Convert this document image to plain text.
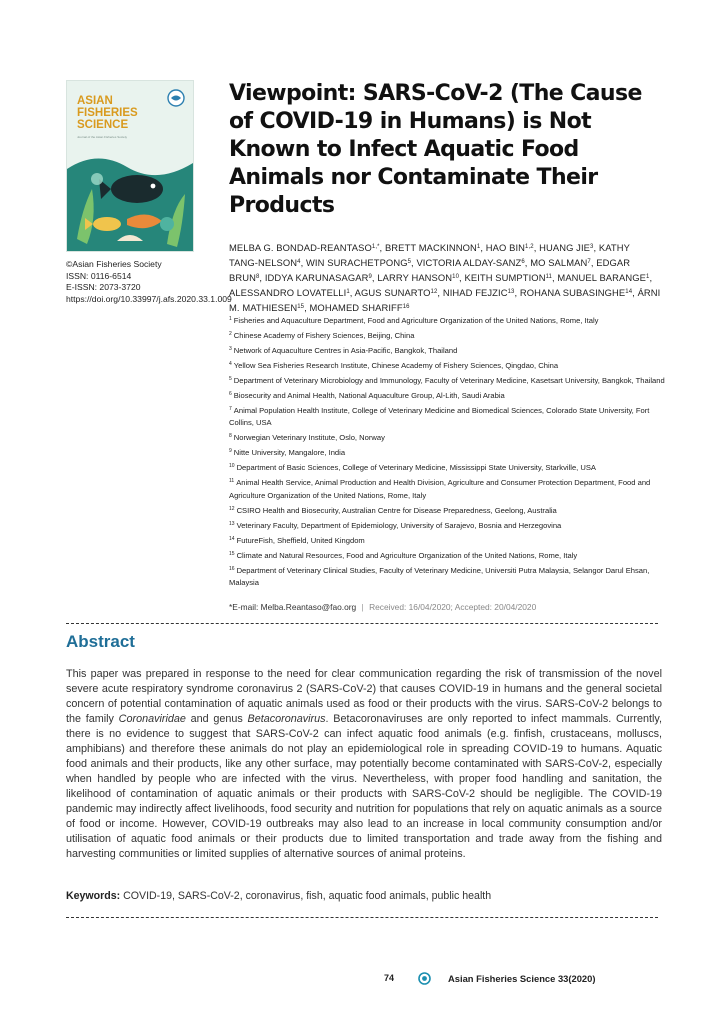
ASIAN
FISHERIES
SCIENCE
Journal of the Asian Fisheries Society
©Asian Fisheries Society
ISSN: 0116-6514
E-ISSN: 2073-3720
https://doi.org/10.33997/j.afs.2020.33.1.009
Viewpoint: SARS-CoV-2 (The Cause of COVID-19 in Humans) is Not Known to Infect Aquatic Food Animals nor Contaminate Their Products
MELBA G. BONDAD-$REANTASO^{1,*}$, BRETT MACKINNON$^1$, HAO BIN$^{1,2}$, HUANG JIE$^3$, KATHY TANG-NELSON$^4$, WIN SURACHETPONG$^5$, VICTORIA ALDAY-SANZ$^6$, MO SALMAN$^7$, EDGAR BRUN$^8$, IDDYA KARUNASAGAR$^9$, LARRY HANSON$^{10}$, KEITH SUMPTION$^{11}$, MANUEL BARANGE$^1$, ALESSANDRO LOVATELLI$^1$, AGUS SUNARTO$^{12}$, NIHAD FEJZIC$^{13}$, ROHANA SUBASINGHE$^{14}$, ÁRNI M. MATHIESEN$^{15}$, MOHAMED SHARIFF$^{16}$
$^1$ Fisheries and Aquaculture Department, Food and Agriculture Organization of the United Nations, Rome, Italy
$^2$ Chinese Academy of Fishery Sciences, Beijing, China
$^3$ Network of Aquaculture Centres in Asia-Pacific, Bangkok, Thailand
$^4$ Yellow Sea Fisheries Research Institute, Chinese Academy of Fishery Sciences, Qingdao, China
$^5$ Department of Veterinary Microbiology and Immunology, Faculty of Veterinary Medicine, Kasetsart University, Bangkok, Thailand
$^6$ Biosecurity and Animal Health, National Aquaculture Group, Al-Lith, Saudi Arabia
$^7$ Animal Population Health Institute, College of Veterinary Medicine and Biomedical Sciences, Colorado State University, Fort Collins, USA
$^8$ Norwegian Veterinary Institute, Oslo, Norway
$^9$ Nitte University, Mangalore, India
$^{10}$ Department of Basic Sciences, College of Veterinary Medicine, Mississippi State University, Starkville, USA
$^{11}$ Animal Health Service, Animal Production and Health Division, Agriculture and Consumer Protection Department, Food and Agriculture Organization of the United Nations, Rome, Italy
$^{12}$ CSIRO Health and Biosecurity, Australian Centre for Disease Preparedness, Geelong, Australia
$^{13}$ Veterinary Faculty, Department of Epidemiology, University of Sarajevo, Bosnia and Herzegovina
$^{14}$ FutureFish, Sheffield, United Kingdom
$^{15}$ Climate and Natural Resources, Food and Agriculture Organization of the United Nations, Rome, Italy
$^{16}$ Department of Veterinary Clinical Studies, Faculty of Veterinary Medicine, Universiti Putra Malaysia, Selangor Darul Ehsan, Malaysia
*E-mail: Melba.Reantaso@fao.org | Received: 16/04/2020; Accepted: 20/04/2020
Abstract

This paper was prepared in response to the need for clear communication regarding the risk of transmission of the novel severe acute respiratory syndrome coronavirus 2 (SARS-CoV-2) that causes COVID-19 in humans and the general societal concern of potential contamination of aquatic animals used as food or their products with the virus. SARS-CoV-2 belongs to the family Coronaviridae and genus Betacoronavirus. Betacoronaviruses are only reported to infect mammals. Currently, there is no evidence to suggest that SARS-CoV-2 can infect aquatic food animals (e.g. finfish, crustaceans, molluscs, amphibians) and therefore these animals do not play an epidemiological role in spreading COVID-19 to humans. Aquatic food animals and their products, like any other surface, may potentially become contaminated with SARS-CoV-2, especially when handled by people who are infected with the virus. Nevertheless, with proper food handling and sanitation, the likelihood of contamination of aquatic animals or their products with SARS-CoV-2 should be negligible. The COVID-19 pandemic may indirectly affect livelihoods, food security and nutrition for populations that rely on aquatic animals as a source of food or income. However, COVID-19 outbreaks may also lead to an increase in local community consumption and/or utilisation of aquatic food animals or their products due to limited transportation and trade away from the fishing and harvesting communities or limited supplies of alternative sources of animal proteins.

Keywords: COVID-19, SARS-CoV-2, coronavirus, fish, aquatic food animals, public health
74	Asian Fisheries Science 33(2020)
